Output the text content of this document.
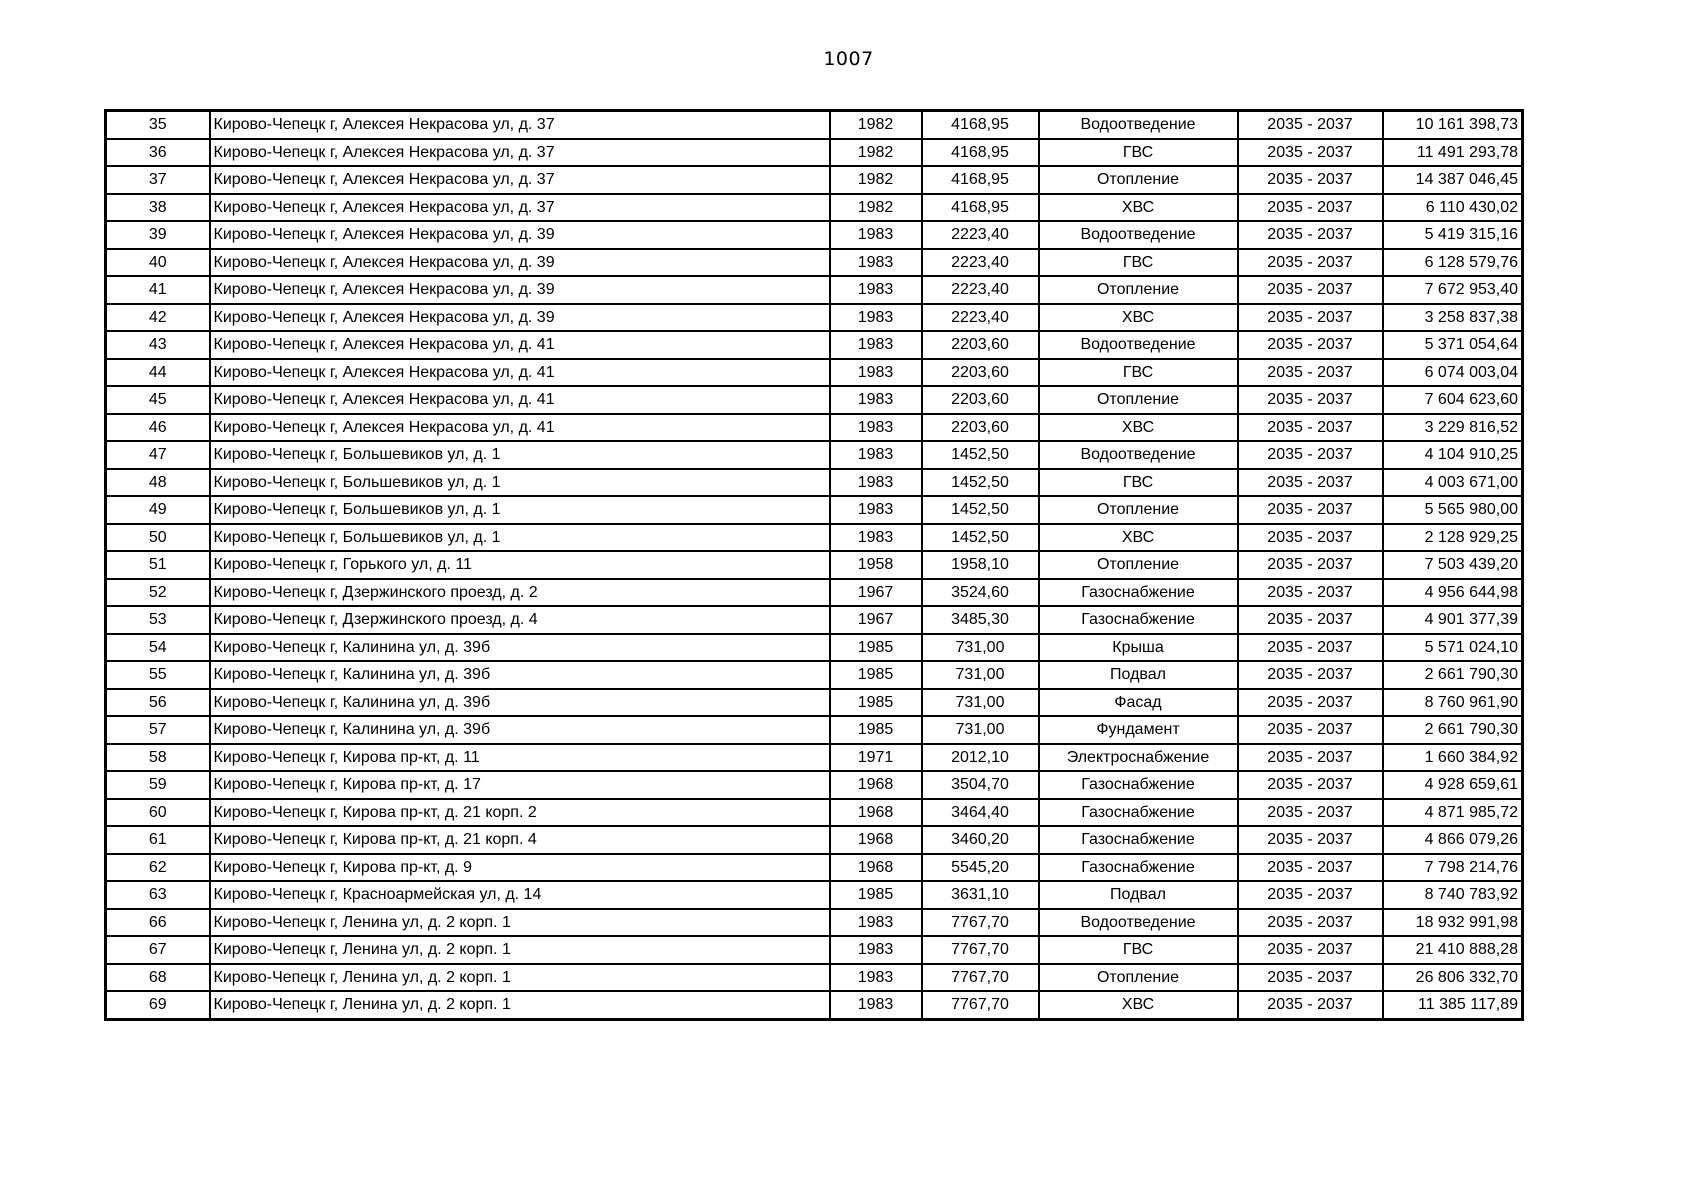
1007
35	Кирово-Чепецк г, Алексея Некрасова ул, д. 37	1982	4168,95	Водоотведение	2035 - 2037	10 161 398,73
36	Кирово-Чепецк г, Алексея Некрасова ул, д. 37	1982	4168,95	ГВС	2035 - 2037	11 491 293,78
37	Кирово-Чепецк г, Алексея Некрасова ул, д. 37	1982	4168,95	Отопление	2035 - 2037	14 387 046,45
38	Кирово-Чепецк г, Алексея Некрасова ул, д. 37	1982	4168,95	ХВС	2035 - 2037	6 110 430,02
39	Кирово-Чепецк г, Алексея Некрасова ул, д. 39	1983	2223,40	Водоотведение	2035 - 2037	5 419 315,16
40	Кирово-Чепецк г, Алексея Некрасова ул, д. 39	1983	2223,40	ГВС	2035 - 2037	6 128 579,76
41	Кирово-Чепецк г, Алексея Некрасова ул, д. 39	1983	2223,40	Отопление	2035 - 2037	7 672 953,40
42	Кирово-Чепецк г, Алексея Некрасова ул, д. 39	1983	2223,40	ХВС	2035 - 2037	3 258 837,38
43	Кирово-Чепецк г, Алексея Некрасова ул, д. 41	1983	2203,60	Водоотведение	2035 - 2037	5 371 054,64
44	Кирово-Чепецк г, Алексея Некрасова ул, д. 41	1983	2203,60	ГВС	2035 - 2037	6 074 003,04
45	Кирово-Чепецк г, Алексея Некрасова ул, д. 41	1983	2203,60	Отопление	2035 - 2037	7 604 623,60
46	Кирово-Чепецк г, Алексея Некрасова ул, д. 41	1983	2203,60	ХВС	2035 - 2037	3 229 816,52
47	Кирово-Чепецк г, Большевиков ул, д. 1	1983	1452,50	Водоотведение	2035 - 2037	4 104 910,25
48	Кирово-Чепецк г, Большевиков ул, д. 1	1983	1452,50	ГВС	2035 - 2037	4 003 671,00
49	Кирово-Чепецк г, Большевиков ул, д. 1	1983	1452,50	Отопление	2035 - 2037	5 565 980,00
50	Кирово-Чепецк г, Большевиков ул, д. 1	1983	1452,50	ХВС	2035 - 2037	2 128 929,25
51	Кирово-Чепецк г, Горького ул, д. 11	1958	1958,10	Отопление	2035 - 2037	7 503 439,20
52	Кирово-Чепецк г, Дзержинского проезд, д. 2	1967	3524,60	Газоснабжение	2035 - 2037	4 956 644,98
53	Кирово-Чепецк г, Дзержинского проезд, д. 4	1967	3485,30	Газоснабжение	2035 - 2037	4 901 377,39
54	Кирово-Чепецк г, Калинина ул, д. 39б	1985	731,00	Крыша	2035 - 2037	5 571 024,10
55	Кирово-Чепецк г, Калинина ул, д. 39б	1985	731,00	Подвал	2035 - 2037	2 661 790,30
56	Кирово-Чепецк г, Калинина ул, д. 39б	1985	731,00	Фасад	2035 - 2037	8 760 961,90
57	Кирово-Чепецк г, Калинина ул, д. 39б	1985	731,00	Фундамент	2035 - 2037	2 661 790,30
58	Кирово-Чепецк г, Кирова пр-кт, д. 11	1971	2012,10	Электроснабжение	2035 - 2037	1 660 384,92
59	Кирово-Чепецк г, Кирова пр-кт, д. 17	1968	3504,70	Газоснабжение	2035 - 2037	4 928 659,61
60	Кирово-Чепецк г, Кирова пр-кт, д. 21 корп. 2	1968	3464,40	Газоснабжение	2035 - 2037	4 871 985,72
61	Кирово-Чепецк г, Кирова пр-кт, д. 21 корп. 4	1968	3460,20	Газоснабжение	2035 - 2037	4 866 079,26
62	Кирово-Чепецк г, Кирова пр-кт, д. 9	1968	5545,20	Газоснабжение	2035 - 2037	7 798 214,76
63	Кирово-Чепецк г, Красноармейская ул, д. 14	1985	3631,10	Подвал	2035 - 2037	8 740 783,92
66	Кирово-Чепецк г, Ленина ул, д. 2 корп. 1	1983	7767,70	Водоотведение	2035 - 2037	18 932 991,98
67	Кирово-Чепецк г, Ленина ул, д. 2 корп. 1	1983	7767,70	ГВС	2035 - 2037	21 410 888,28
68	Кирово-Чепецк г, Ленина ул, д. 2 корп. 1	1983	7767,70	Отопление	2035 - 2037	26 806 332,70
69	Кирово-Чепецк г, Ленина ул, д. 2 корп. 1	1983	7767,70	ХВС	2035 - 2037	11 385 117,89
